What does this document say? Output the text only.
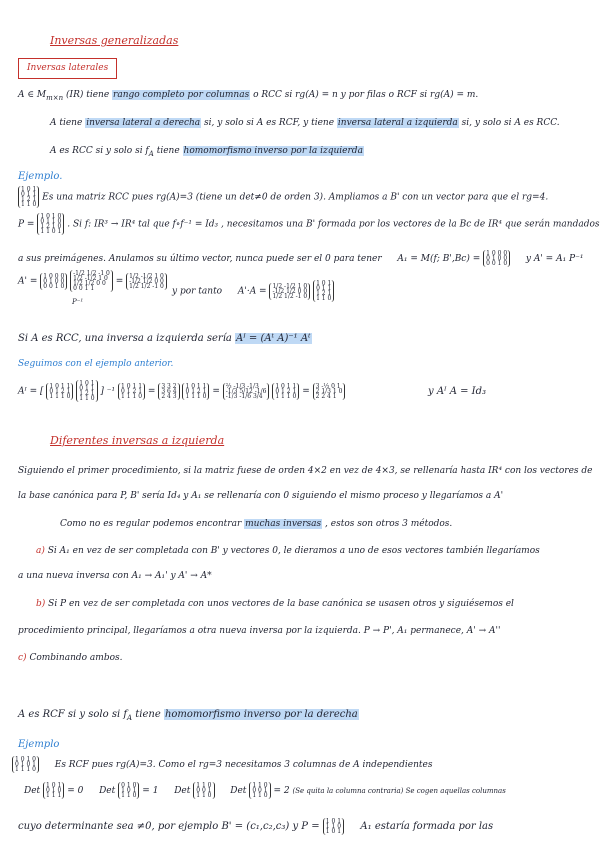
Inversas generalizadas
Inversas laterales
A ∈ $M_{m\times n}$ (IR) tiene rango completo por columnas o RCC si rg(A) = n y por filas o RCF si rg(A) = m.
A tiene inversa lateral a derecha si, y solo si A es RCF, y tiene inversa lateral a izquierda si, y solo si A es RCC.
A es RCC si y solo si $f_A$ tiene homomorfismo inverso por la izquierda
Ejemplo.
1 0 1
0 1 1
1 2 1
1 1 0
Es una matriz RCC pues rg(A)=3 (tiene un det≠0 de orden 3). Ampliamos a B' con un vector para que el rg=4.
P =
1 0 1 0
0 1 1 0
1 2 1 0
1 1 0 1
. Si f: IR³ → IR⁴ tal que f∘f⁻¹ = Id₃ , necesitamos una B' formada por los vectores de la Bc de IR⁴ que serán mandados
a sus preimágenes. Anulamos su último vector, nunca puede ser el 0 para tener A₁ = M(f; B',Bc) =
1 0 0 0
0 1 0 0
0 0 1 0 y A' = A₁ P⁻¹
A' =
1 0 0 0
0 1 0 0
0 0 1 0

-1/2 1/2 -1 0
1/2 -1/2 1 0
1/2 1/2 0 0
0 0 1 1
=
1/2 -1/2 1 0
-1/2 1/2 0 0
1/2 1/2 -1 0
P⁻¹
y por tanto A'·A =
1/2 -1/2 1 0
-1/2 1/2 0 0
1/2 1/2 -1 0

1 0 1
0 1 1
1 2 1
1 1 0
Si A es RCC, una inversa a izquierda sería Aᴵ = (Aᵗ A)⁻¹ Aᵗ
Seguimos con el ejemplo anterior.
Aᴵ = [
1 0 1 1
0 1 2 1
1 1 1 0

1 0 1
0 1 1
1 2 1
1 1 0
] ⁻¹
1 0 1 1
0 1 2 1
1 1 1 0 =
3 3 2
3 6 4
2 4 3

1 0 1 1
0 1 2 1
1 1 1 0 =
⅔ -1/3 -1/3
-1/3 5/12 -1/6
-1/3 -1/6 3/4

1 0 1 1
0 1 2 1
1 1 1 0 =
3 -⅓ 0 1
2 1/3 1 0
2 2 4 1	y Aᴵ A = Id₃
Diferentes inversas a izquierda
Siguiendo el primer procedimiento, si la matriz fuese de orden 4×2 en vez de 4×3, se rellenaría hasta IR⁴ con los vectores de
la base canónica para P, B' sería Id₄ y A₁ se rellenaría con 0 siguiendo el mismo proceso y llegaríamos a A'
Como no es regular podemos encontrar muchas inversas , estos son otros 3 métodos.
a) Si A₁ en vez de ser completada con B' y vectores 0, le dieramos a uno de esos vectores también llegaríamos
a una nueva inversa con A₁ → A₁' y A' → A*
b) Si P en vez de ser completada con unos vectores de la base canónica se usasen otros y siguiésemos el
procedimiento principal, llegaríamos a otra nueva inversa por la izquierda. P → P', A₁ permanece, A' → A''
c) Combinando ambos.
A es RCF si y solo si $f_A$ tiene homomorfismo inverso por la derecha
Ejemplo
1 0 1 0
0 1 0 1
1 1 1 0 Es RCF pues rg(A)=3. Como el rg=3 necesitamos 3 columnas de A independientes
Det
1 0 1
0 1 0
1 1 1 = 0 Det
0 1 0
1 0 1
1 1 0 = 1 Det
1 1 0
0 0 1
1 1 0 Det
1 1 0
0 0 1
1 1 0 = 2 (Se quita la columna contraria) Se cogen aquellas columnas
cuyo determinante sea ≠0, por ejemplo B' = (c₁,c₂,c₃) y P = 1 0 1
1 1 0
1 0 1 A₁ estaría formada por las
